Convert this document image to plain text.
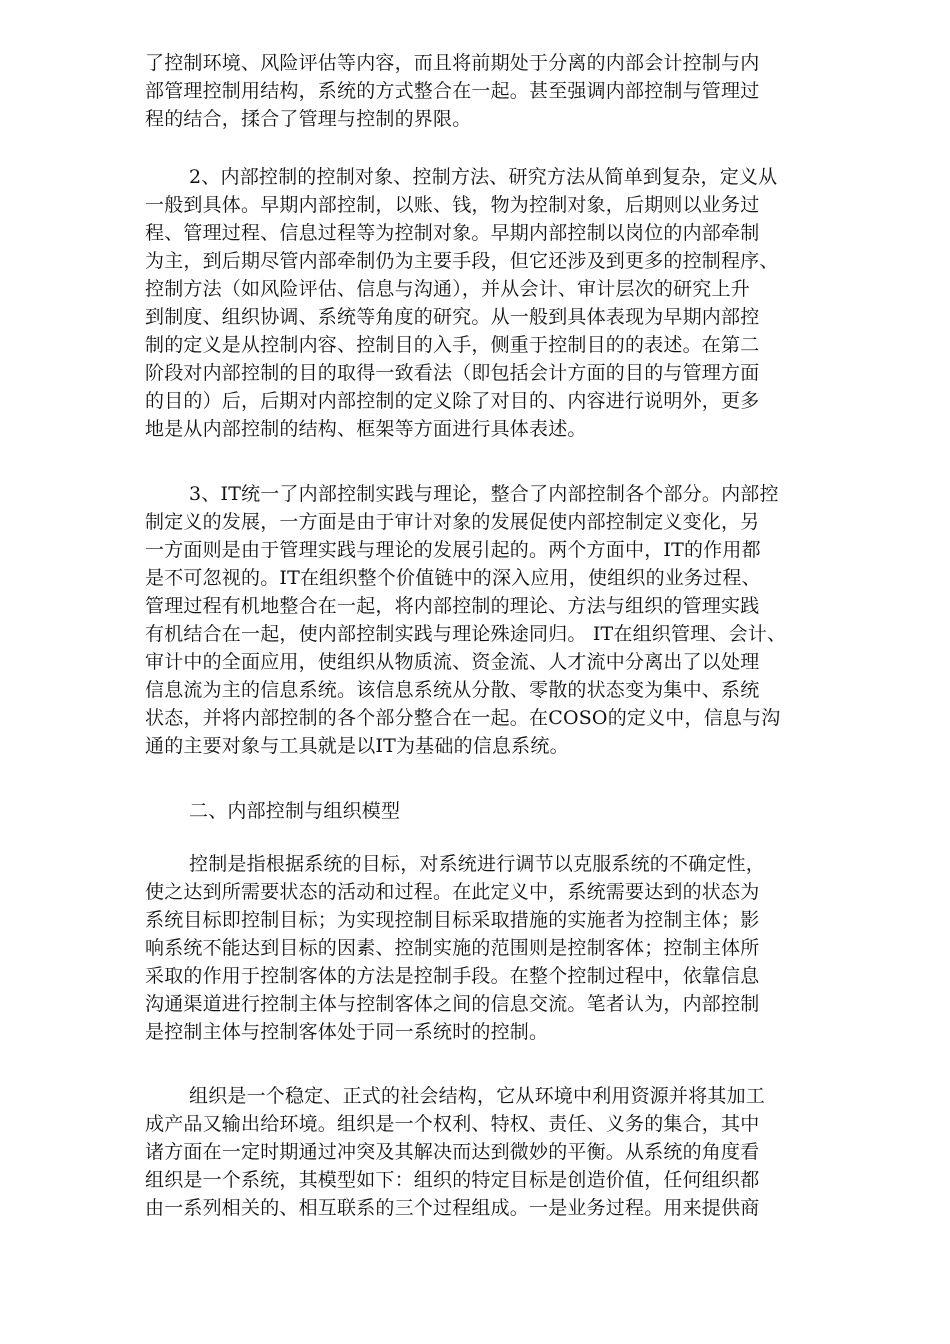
了控制环境、风险评估等内容，而且将前期处于分离的内部会计控制与内
部管理控制用结构，系统的方式整合在一起。甚至强调内部控制与管理过
程的结合，揉合了管理与控制的界限。
2、内部控制的控制对象、控制方法、研究方法从简单到复杂，定义从
一般到具体。早期内部控制，以账、钱，物为控制对象，后期则以业务过
程、管理过程、信息过程等为控制对象。早期内部控制以岗位的内部牵制
为主，到后期尽管内部牵制仍为主要手段，但它还涉及到更多的控制程序、
控制方法（如风险评估、信息与沟通），并从会计、审计层次的研究上升
到制度、组织协调、系统等角度的研究。从一般到具体表现为早期内部控
制的定义是从控制内容、控制目的入手，侧重于控制目的的表述。在第二
阶段对内部控制的目的取得一致看法（即包括会计方面的目的与管理方面
的目的）后，后期对内部控制的定义除了对目的、内容进行说明外，更多
地是从内部控制的结构、框架等方面进行具体表述。
3、IT统一了内部控制实践与理论，整合了内部控制各个部分。内部控
制定义的发展，一方面是由于审计对象的发展促使内部控制定义变化，另
一方面则是由于管理实践与理论的发展引起的。两个方面中，IT的作用都
是不可忽视的。IT在组织整个价值链中的深入应用，使组织的业务过程、
管理过程有机地整合在一起，将内部控制的理论、方法与组织的管理实践
有机结合在一起，使内部控制实践与理论殊途同归。 IT在组织管理、会计、
审计中的全面应用，使组织从物质流、资金流、人才流中分离出了以处理
信息流为主的信息系统。该信息系统从分散、零散的状态变为集中、系统
状态，并将内部控制的各个部分整合在一起。在COSO的定义中，信息与沟
通的主要对象与工具就是以IT为基础的信息系统。
二、内部控制与组织模型
控制是指根据系统的目标，对系统进行调节以克服系统的不确定性，
使之达到所需要状态的活动和过程。在此定义中，系统需要达到的状态为
系统目标即控制目标；为实现控制目标采取措施的实施者为控制主体；影
响系统不能达到目标的因素、控制实施的范围则是控制客体；控制主体所
采取的作用于控制客体的方法是控制手段。在整个控制过程中，依靠信息
沟通渠道进行控制主体与控制客体之间的信息交流。笔者认为，内部控制
是控制主体与控制客体处于同一系统时的控制。
组织是一个稳定、正式的社会结构，它从环境中利用资源并将其加工
成产品又输出给环境。组织是一个权利、特权、责任、义务的集合，其中
诸方面在一定时期通过冲突及其解决而达到微妙的平衡。从系统的角度看
组织是一个系统，其模型如下：组织的特定目标是创造价值，任何组织都
由一系列相关的、相互联系的三个过程组成。一是业务过程。用来提供商
